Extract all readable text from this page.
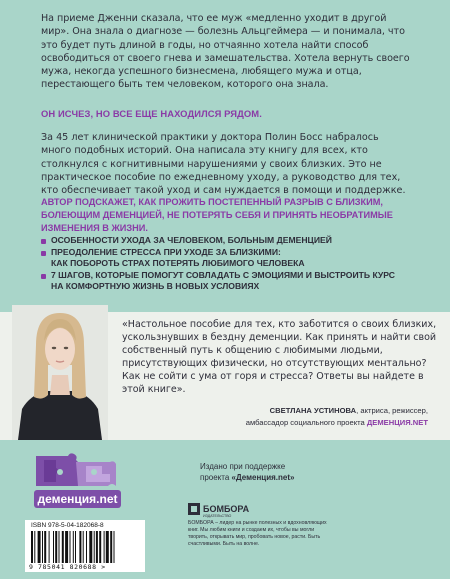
На приеме Дженни сказала, что ее муж «медленно уходит в другой мир». Она знала о диагнозе — болезнь Альцгеймера — и понимала, что это будет путь длиной в годы, но отчаянно хотела найти способ освободиться от своего гнева и замешательства. Хотела вернуть своего мужа, некогда успешного бизнесмена, любящего мужа и отца, перестающего быть тем человеком, которого она знала.

ОН ИСЧЕЗ, НО ВСЕ ЕЩЕ НАХОДИЛСЯ РЯДОМ.

За 45 лет клинической практики у доктора Полин Босс набралось много подобных историй. Она написала эту книгу для всех, кто столкнулся с когнитивными нарушениями у своих близких. Это не практическое пособие по ежедневному уходу, а руководство для тех, кто обеспечивает такой уход и сам нуждается в помощи и поддержке.

АВТОР ПОДСКАЖЕТ, КАК ПРОЖИТЬ ПОСТЕПЕННЫЙ РАЗРЫВ С БЛИЗКИМ, БОЛЕЮЩИМ ДЕМЕНЦИЕЙ, НЕ ПОТЕРЯТЬ СЕБЯ И ПРИНЯТЬ НЕОБРАТИМЫЕ ИЗМЕНЕНИЯ В ЖИЗНИ.

ОСОБЕННОСТИ УХОДА ЗА ЧЕЛОВЕКОМ, БОЛЬНЫМ ДЕМЕНЦИЕЙ
ПРЕОДОЛЕНИЕ СТРЕССА ПРИ УХОДЕ ЗА БЛИЗКИМИ:
КАК ПОБОРОТЬ СТРАХ ПОТЕРЯТЬ ЛЮБИМОГО ЧЕЛОВЕКА
7 ШАГОВ, КОТОРЫЕ ПОМОГУТ СОВЛАДАТЬ С ЭМОЦИЯМИ И ВЫСТРОИТЬ КУРС
НА КОМФОРТНУЮ ЖИЗНЬ В НОВЫХ УСЛОВИЯХ

«Настольное пособие для тех, кто заботится о своих близких, ускользнувших в бездну деменции. Как принять и найти свой собственный путь к общению с любимыми людьми, присутствующих физически, но отсутствующих ментально? Как не сойти с ума от горя и стресса? Ответы вы найдете в этой книге».

СВЕТЛАНА УСТИНОВА, актриса, режиссер,

амбассадор социального проекта ДЕМЕНЦИЯ.NET

деменция.net
Издано при поддержке
проекта «Деменция.net»
БОМБОРА
ИЗДАТЕЛЬСТВО

БОМБОРА – лидер на рынке полезных и вдохновляющих книг. Мы любим книги и создаем их, чтобы вы могли творить, открывать мир, пробовать новое, расти. Быть счастливыми. Быть на волне.

ISBN 978-5-04-182068-8
9 785041 820688 >
